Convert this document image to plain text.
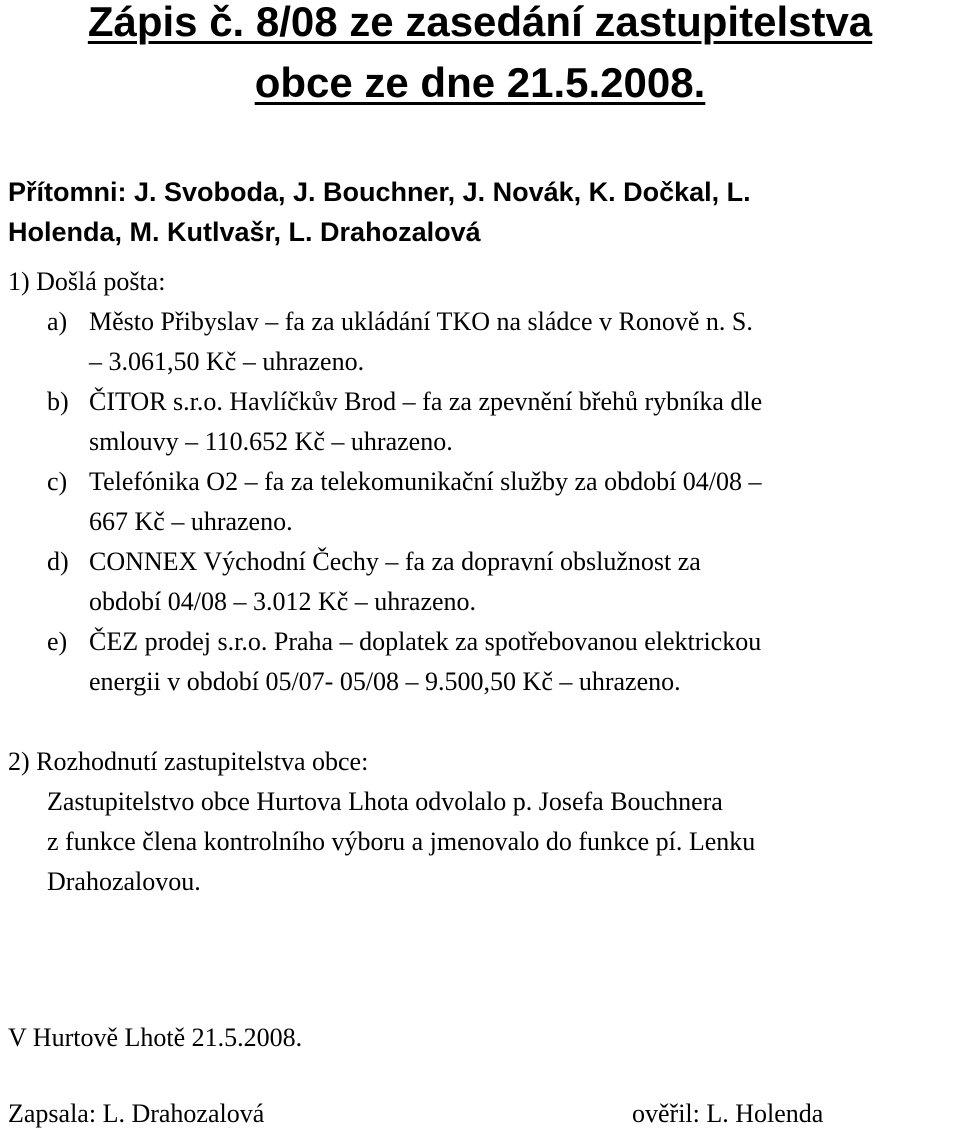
Zápis č. 8/08 ze zasedání zastupitelstva
obce ze dne 21.5.2008.
Přítomni: J. Svoboda, J. Bouchner, J. Novák, K. Dočkal, L.
Holenda, M. Kutlvašr, L. Drahozalová
1) Došlá pošta:
a) Město Přibyslav – fa za ukládání TKO na sládce v Ronově n. S.
– 3.061,50 Kč – uhrazeno.
b) ČITOR s.r.o. Havlíčkův Brod – fa za zpevnění břehů rybníka dle
smlouvy – 110.652 Kč – uhrazeno.
c) Telefónika O2 – fa za telekomunikační služby za období 04/08 –
667 Kč – uhrazeno.
d) CONNEX Východní Čechy – fa za dopravní obslužnost za
období 04/08 – 3.012 Kč – uhrazeno.
e) ČEZ prodej s.r.o. Praha – doplatek za spotřebovanou elektrickou
energii v období 05/07- 05/08 – 9.500,50 Kč – uhrazeno.
2) Rozhodnutí zastupitelstva obce:
Zastupitelstvo obce Hurtova Lhota odvolalo p. Josefa Bouchnera
z funkce člena kontrolního výboru a jmenovalo do funkce pí. Lenku
Drahozalovou.
V Hurtově Lhotě 21.5.2008.
Zapsala: L. Drahozalová	ověřil: L. Holenda
